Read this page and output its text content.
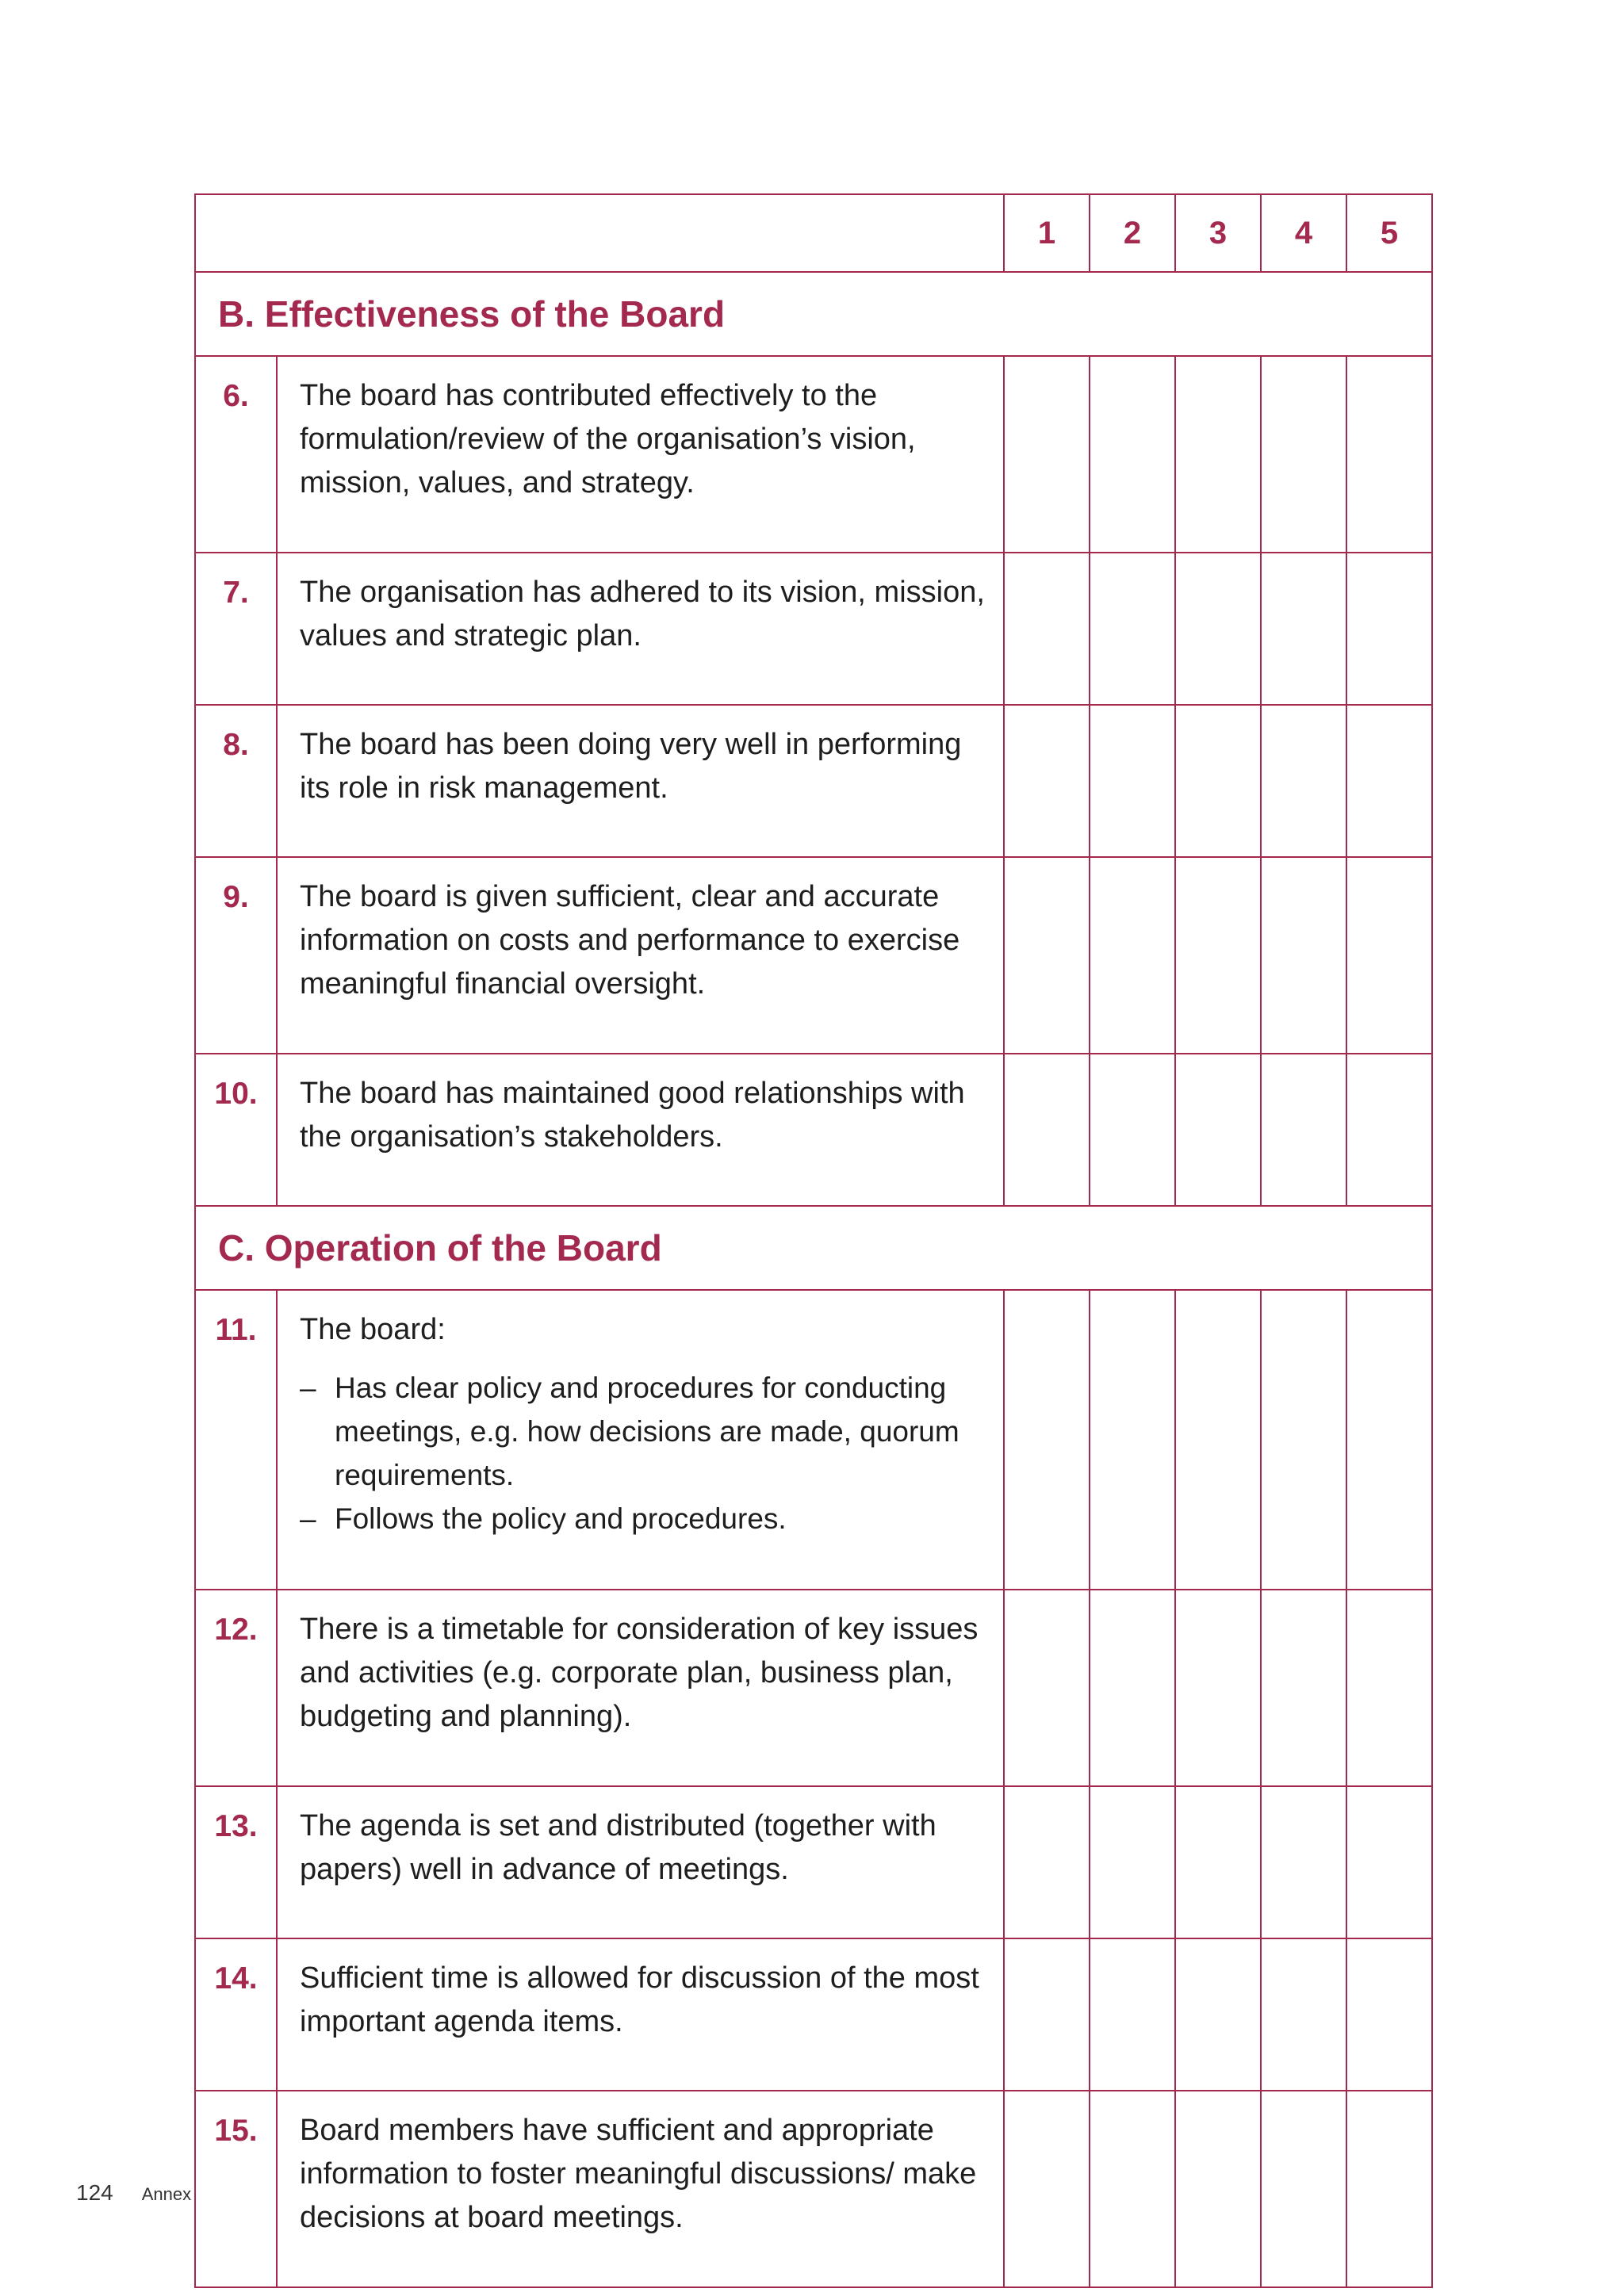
		1	2	3	4	5
B. Effectiveness of the Board						
6.	The board has contributed effectively to the formulation/review of the organisation’s vision, mission, values, and strategy.					
7.	The organisation has adhered to its vision, mission, values and strategic plan.					
8.	The board has been doing very well in performing its role in risk management.					
9.	The board is given sufficient, clear and accurate information on costs and performance to exercise meaningful financial oversight.					
10.	The board has maintained good relationships with the organisation’s stakeholders.					
C. Operation of the Board						
11.	The board:
– Has clear policy and procedures for conducting meetings, e.g. how decisions are made, quorum requirements.
– Follows the policy and procedures.					

12.	There is a timetable for consideration of key issues and activities (e.g. corporate plan, business plan, budgeting and planning).					
13.	The agenda is set and distributed (together with papers) well in advance of meetings.					
14.	Sufficient time is allowed for discussion of the most important agenda items.					
15.	Board members have sufficient and appropriate information to foster meaningful discussions/ make decisions at board meetings.					
124 Annex
